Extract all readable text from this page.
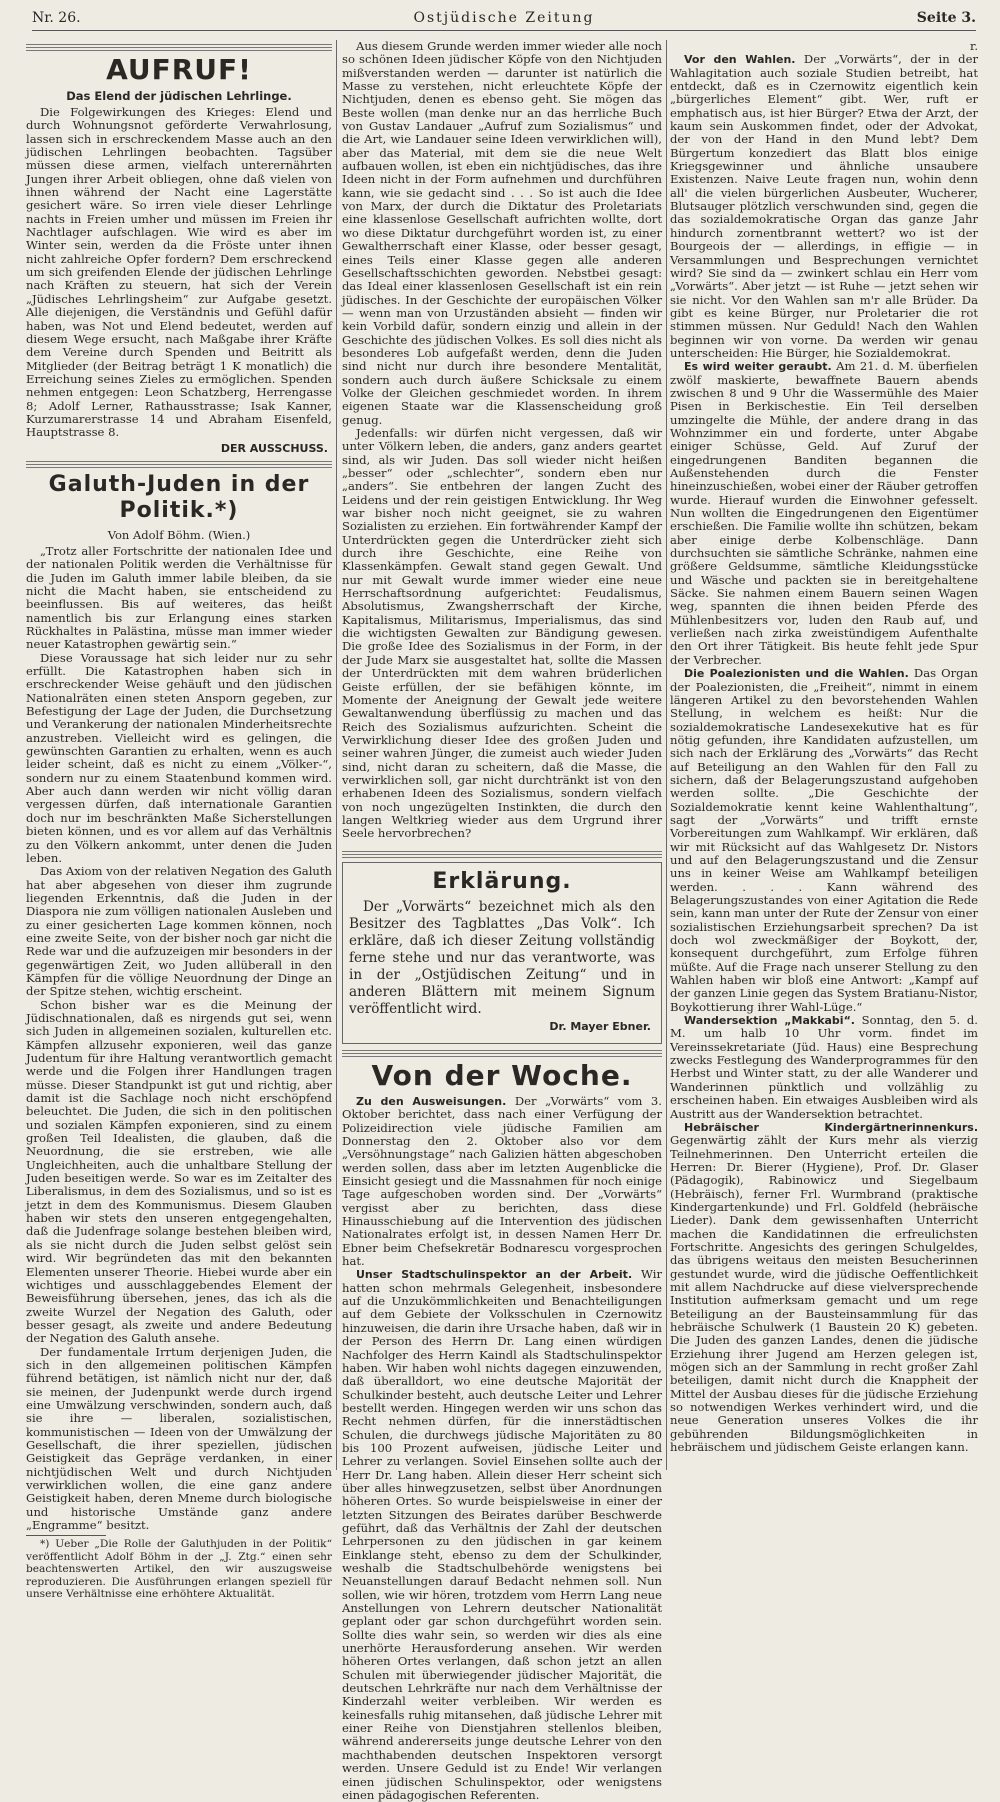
Nr. 26.	Ostjüdische Zeitung	Seite 3.
AUFRUF!
Das Elend der jüdischen Lehrlinge.

Die Folgewirkungen des Krieges: Elend und durch Wohnungsnot geförderte Verwahrlosung, lassen sich in erschreckendem Masse auch an den jüdischen Lehrlingen beobachten. Tagsüber müssen diese armen, vielfach unterernährten Jungen ihrer Arbeit obliegen, ohne daß vielen von ihnen während der Nacht eine Lagerstätte gesichert wäre. So irren viele dieser Lehrlinge nachts in Freien umher und müssen im Freien ihr Nachtlager aufschlagen. Wie wird es aber im Winter sein, werden da die Fröste unter ihnen nicht zahlreiche Opfer fordern? Dem erschreckend um sich greifenden Elende der jüdischen Lehrlinge nach Kräften zu steuern, hat sich der Verein „Jüdisches Lehrlingsheim“ zur Aufgabe gesetzt. Alle diejenigen, die Verständnis und Gefühl dafür haben, was Not und Elend bedeutet, werden auf diesem Wege ersucht, nach Maßgabe ihrer Kräfte dem Vereine durch Spenden und Beitritt als Mitglieder (der Beitrag beträgt 1 K monatlich) die Erreichung seines Zieles zu ermöglichen. Spenden nehmen entgegen: Leon Schatzberg, Herrengasse 8; Adolf Lerner, Rathausstrasse; Isak Kanner, Kurzumarerstrasse 14 und Abraham Eisenfeld, Hauptstrasse 8.

DER AUSSCHUSS.
Galuth-Juden in der Politik.*)
Von Adolf Böhm. (Wien.)

„Trotz aller Fortschritte der nationalen Idee und der nationalen Politik werden die Verhältnisse für die Juden im Galuth immer labile bleiben, da sie nicht die Macht haben, sie entscheidend zu beeinflussen. Bis auf weiteres, das heißt namentlich bis zur Erlangung eines starken Rückhaltes in Palästina, müsse man immer wieder neuer Katastrophen gewärtig sein.“

Diese Voraussage hat sich leider nur zu sehr erfüllt. Die Katastrophen haben sich in erschreckender Weise gehäuft und den jüdischen Nationalräten einen steten Ansporn gegeben, zur Befestigung der Lage der Juden, die Durchsetzung und Verankerung der nationalen Minderheitsrechte anzustreben. Vielleicht wird es gelingen, die gewünschten Garantien zu erhalten, wenn es auch leider scheint, daß es nicht zu einem „Völker-“, sondern nur zu einem Staatenbund kommen wird. Aber auch dann werden wir nicht völlig daran vergessen dürfen, daß internationale Garantien doch nur im beschränkten Maße Sicherstellungen bieten können, und es vor allem auf das Verhältnis zu den Völkern ankommt, unter denen die Juden leben.

Das Axiom von der relativen Negation des Galuth hat aber abgesehen von dieser ihm zugrunde liegenden Erkenntnis, daß die Juden in der Diaspora nie zum völligen nationalen Ausleben und zu einer gesicherten Lage kommen können, noch eine zweite Seite, von der bisher noch gar nicht die Rede war und die aufzuzeigen mir besonders in der gegenwärtigen Zeit, wo Juden allüberall in den Kämpfen für die völlige Neuordnung der Dinge an der Spitze stehen, wichtig erscheint.

Schon bisher war es die Meinung der Jüdischnationalen, daß es nirgends gut sei, wenn sich Juden in allgemeinen sozialen, kulturellen etc. Kämpfen allzusehr exponieren, weil das ganze Judentum für ihre Haltung verantwortlich gemacht werde und die Folgen ihrer Handlungen tragen müsse. Dieser Standpunkt ist gut und richtig, aber damit ist die Sachlage noch nicht erschöpfend beleuchtet. Die Juden, die sich in den politischen und sozialen Kämpfen exponieren, sind zu einem großen Teil Idealisten, die glauben, daß die Neuordnung, die sie erstreben, wie alle Ungleichheiten, auch die unhaltbare Stellung der Juden beseitigen werde. So war es im Zeitalter des Liberalismus, in dem des Sozialismus, und so ist es jetzt in dem des Kommunismus. Diesem Glauben haben wir stets den unseren entgegengehalten, daß die Judenfrage solange bestehen bleiben wird, als sie nicht durch die Juden selbst gelöst sein wird. Wir begründeten das mit den bekannten Elementen unserer Theorie. Hiebei wurde aber ein wichtiges und ausschlaggebendes Element der Beweisführung übersehen, jenes, das ich als die zweite Wurzel der Negation des Galuth, oder besser gesagt, als zweite und andere Bedeutung der Negation des Galuth ansehe.

Der fundamentale Irrtum derjenigen Juden, die sich in den allgemeinen politischen Kämpfen führend betätigen, ist nämlich nicht nur der, daß sie meinen, der Judenpunkt werde durch irgend eine Umwälzung verschwinden, sondern auch, daß sie ihre — liberalen, sozialistischen, kommunistischen — Ideen von der Umwälzung der Gesellschaft, die ihrer speziellen, jüdischen Geistigkeit das Gepräge verdanken, in einer nichtjüdischen Welt und durch Nichtjuden verwirklichen wollen, die eine ganz andere Geistigkeit haben, deren Mneme durch biologische und historische Umstände ganz andere „Engramme“ besitzt.

*) Ueber „Die Rolle der Galuthjuden in der Politik“ veröffentlicht Adolf Böhm in der „J. Ztg.“ einen sehr beachtenswerten Artikel, den wir auszugsweise reproduzieren. Die Ausführungen erlangen speziell für unsere Verhältnisse eine erhöhtere Aktualität.

Aus diesem Grunde werden immer wieder alle noch so schönen Ideen jüdischer Köpfe von den Nichtjuden mißverstanden werden — darunter ist natürlich die Masse zu verstehen, nicht erleuchtete Köpfe der Nichtjuden, denen es ebenso geht. Sie mögen das Beste wollen (man denke nur an das herrliche Buch von Gustav Landauer „Aufruf zum Sozialismus“ und die Art, wie Landauer seine Ideen verwirklichen will), aber das Material, mit dem sie die neue Welt aufbauen wollen, ist eben ein nichtjüdisches, das ihre Ideen nicht in der Form aufnehmen und durchführen kann, wie sie gedacht sind . . . So ist auch die Idee von Marx, der durch die Diktatur des Proletariats eine klassenlose Gesellschaft aufrichten wollte, dort wo diese Diktatur durchgeführt worden ist, zu einer Gewaltherrschaft einer Klasse, oder besser gesagt, eines Teils einer Klasse gegen alle anderen Gesellschaftsschichten geworden. Nebstbei gesagt: das Ideal einer klassenlosen Gesellschaft ist ein rein jüdisches. In der Geschichte der europäischen Völker — wenn man von Urzuständen absieht — finden wir kein Vorbild dafür, sondern einzig und allein in der Geschichte des jüdischen Volkes. Es soll dies nicht als besonderes Lob aufgefaßt werden, denn die Juden sind nicht nur durch ihre besondere Mentalität, sondern auch durch äußere Schicksale zu einem Volke der Gleichen geschmiedet worden. In ihrem eigenen Staate war die Klassenscheidung groß genug.

Jedenfalls: wir dürfen nicht vergessen, daß wir unter Völkern leben, die anders, ganz anders geartet sind, als wir Juden. Das soll wieder nicht heißen „besser“ oder „schlechter“, sondern eben nur „anders“. Sie entbehren der langen Zucht des Leidens und der rein geistigen Entwicklung. Ihr Weg war bisher noch nicht geeignet, sie zu wahren Sozialisten zu erziehen. Ein fortwährender Kampf der Unterdrückten gegen die Unterdrücker zieht sich durch ihre Geschichte, eine Reihe von Klassenkämpfen. Gewalt stand gegen Gewalt. Und nur mit Gewalt wurde immer wieder eine neue Herrschaftsordnung aufgerichtet: Feudalismus, Absolutismus, Zwangsherrschaft der Kirche, Kapitalismus, Militarismus, Imperialismus, das sind die wichtigsten Gewalten zur Bändigung gewesen. Die große Idee des Sozialismus in der Form, in der der Jude Marx sie ausgestaltet hat, sollte die Massen der Unterdrückten mit dem wahren brüderlichen Geiste erfüllen, der sie befähigen könnte, im Momente der Aneignung der Gewalt jede weitere Gewaltanwendung überflüssig zu machen und das Reich des Sozialismus aufzurichten. Scheint die Verwirklichung dieser Idee des großen Juden und seiner wahren Jünger, die zumeist auch wieder Juden sind, nicht daran zu scheitern, daß die Masse, die verwirklichen soll, gar nicht durchtränkt ist von den erhabenen Ideen des Sozialismus, sondern vielfach von noch ungezügelten Instinkten, die durch den langen Weltkrieg wieder aus dem Urgrund ihrer Seele hervorbrechen?

Erklärung.

Der „Vorwärts“ bezeichnet mich als den Besitzer des Tagblattes „Das Volk“. Ich erkläre, daß ich dieser Zeitung vollständig ferne stehe und nur das verantworte, was in der „Ostjüdischen Zeitung“ und in anderen Blättern mit meinem Signum veröffentlicht wird.

Dr. Mayer Ebner.
Von der Woche.

Zu den Ausweisungen. Der „Vorwärts“ vom 3. Oktober berichtet, dass nach einer Verfügung der Polizeidirection viele jüdische Familien am Donnerstag den 2. Oktober also vor dem „Versöhnungstage“ nach Galizien hätten abgeschoben werden sollen, dass aber im letzten Augenblicke die Einsicht gesiegt und die Massnahmen für noch einige Tage aufgeschoben worden sind. Der „Vorwärts“ vergisst aber zu berichten, dass diese Hinausschiebung auf die Intervention des jüdischen Nationalrates erfolgt ist, in dessen Namen Herr Dr. Ebner beim Chefsekretär Bodnarescu vorgesprochen hat.

Unser Stadtschulinspektor an der Arbeit. Wir hatten schon mehrmals Gelegenheit, insbesondere auf die Unzukömmlichkeiten und Benachteiligungen auf dem Gebiete der Volksschulen in Czernowitz hinzuweisen, die darin ihre Ursache haben, daß wir in der Person des Herrn Dr. Lang einen würdigen Nachfolger des Herrn Kaindl als Stadtschulinspektor haben. Wir haben wohl nichts dagegen einzuwenden, daß überalldort, wo eine deutsche Majorität der Schulkinder besteht, auch deutsche Leiter und Lehrer bestellt werden. Hingegen werden wir uns schon das Recht nehmen dürfen, für die innerstädtischen Schulen, die durchwegs jüdische Majoritäten zu 80 bis 100 Prozent aufweisen, jüdische Leiter und Lehrer zu verlangen. Soviel Einsehen sollte auch der Herr Dr. Lang haben. Allein dieser Herr scheint sich über alles hinwegzusetzen, selbst über Anordnungen höheren Ortes. So wurde beispielsweise in einer der letzten Sitzungen des Beirates darüber Beschwerde geführt, daß das Verhältnis der Zahl der deutschen Lehrpersonen zu den jüdischen in gar keinem Einklange steht, ebenso zu dem der Schulkinder, weshalb die Stadtschulbehörde wenigstens bei Neuanstellungen darauf Bedacht nehmen soll. Nun sollen, wie wir hören, trotzdem vom Herrn Lang neue Anstellungen von Lehrern deutscher Nationalität geplant oder gar schon durchgeführt worden sein. Sollte dies wahr sein, so werden wir dies als eine unerhörte Herausforderung ansehen. Wir werden höheren Ortes verlangen, daß schon jetzt an allen Schulen mit überwiegender jüdischer Majorität, die deutschen Lehrkräfte nur nach dem Verhältnisse der Kinderzahl weiter verbleiben. Wir werden es keinesfalls ruhig mitansehen, daß jüdische Lehrer mit einer Reihe von Dienstjahren stellenlos bleiben, während andererseits junge deutsche Lehrer von den machthabenden deutschen Inspektoren versorgt werden. Unsere Geduld ist zu Ende! Wir verlangen einen jüdischen Schulinspektor, oder wenigstens einen pädagogischen Referenten.

r.

Vor den Wahlen. Der „Vorwärts“, der in der Wahlagitation auch soziale Studien betreibt, hat entdeckt, daß es in Czernowitz eigentlich kein „bürgerliches Element“ gibt. Wer, ruft er emphatisch aus, ist hier Bürger? Etwa der Arzt, der kaum sein Auskommen findet, oder der Advokat, der von der Hand in den Mund lebt? Dem Bürgertum konzediert das Blatt blos einige Kriegsgewinner und ähnliche unsaubere Existenzen. Naive Leute fragen nun, wohin denn all' die vielen bürgerlichen Ausbeuter, Wucherer, Blutsauger plötzlich verschwunden sind, gegen die das sozialdemokratische Organ das ganze Jahr hindurch zornentbrannt wettert? wo ist der Bourgeois der — allerdings, in effigie — in Versammlungen und Besprechungen vernichtet wird? Sie sind da — zwinkert schlau ein Herr vom „Vorwärts“. Aber jetzt — ist Ruhe — jetzt sehen wir sie nicht. Vor den Wahlen san m'r alle Brüder. Da gibt es keine Bürger, nur Proletarier die rot stimmen müssen. Nur Geduld! Nach den Wahlen beginnen wir von vorne. Da werden wir genau unterscheiden: Hie Bürger, hie Sozialdemokrat.

Es wird weiter geraubt. Am 21. d. M. überfielen zwölf maskierte, bewaffnete Bauern abends zwischen 8 und 9 Uhr die Wassermühle des Maier Pisen in Berkischestie. Ein Teil derselben umzingelte die Mühle, der andere drang in das Wohnzimmer ein und forderte, unter Abgabe einiger Schüsse, Geld. Auf Zuruf der eingedrungenen Banditen begannen die Außenstehenden durch die Fenster hineinzuschießen, wobei einer der Räuber getroffen wurde. Hierauf wurden die Einwohner gefesselt. Nun wollten die Eingedrungenen den Eigentümer erschießen. Die Familie wollte ihn schützen, bekam aber einige derbe Kolbenschläge. Dann durchsuchten sie sämtliche Schränke, nahmen eine größere Geldsumme, sämtliche Kleidungsstücke und Wäsche und packten sie in bereitgehaltene Säcke. Sie nahmen einem Bauern seinen Wagen weg, spannten die ihnen beiden Pferde des Mühlenbesitzers vor, luden den Raub auf, und verließen nach zirka zweistündigem Aufenthalte den Ort ihrer Tätigkeit. Bis heute fehlt jede Spur der Verbrecher.

Die Poalezionisten und die Wahlen. Das Organ der Poalezionisten, die „Freiheit“, nimmt in einem längeren Artikel zu den bevorstehenden Wahlen Stellung, in welchem es heißt: Nur die sozialdemokratische Landesexekutive hat es für nötig gefunden, ihre Kandidaten aufzustellen, um sich nach der Erklärung des „Vorwärts“ das Recht auf Beteiligung an den Wahlen für den Fall zu sichern, daß der Belagerungszustand aufgehoben werden sollte. „Die Geschichte der Sozialdemokratie kennt keine Wahlenthaltung“, sagt der „Vorwärts“ und trifft ernste Vorbereitungen zum Wahlkampf. Wir erklären, daß wir mit Rücksicht auf das Wahlgesetz Dr. Nistors und auf den Belagerungszustand und die Zensur uns in keiner Weise am Wahlkampf beteiligen werden. . . . Kann während des Belagerungszustandes von einer Agitation die Rede sein, kann man unter der Rute der Zensur von einer sozialistischen Erziehungsarbeit sprechen? Da ist doch wol zweckmäßiger der Boykott, der, konsequent durchgeführt, zum Erfolge führen müßte. Auf die Frage nach unserer Stellung zu den Wahlen haben wir bloß eine Antwort: „Kampf auf der ganzen Linie gegen das System Bratianu-Nistor, Boykottierung ihrer Wahl-Lüge.“

Wandersektion „Makkabi“. Sonntag, den 5. d. M. um halb 10 Uhr vorm. findet im Vereinssekretariate (Jüd. Haus) eine Besprechung zwecks Festlegung des Wanderprogrammes für den Herbst und Winter statt, zu der alle Wanderer und Wanderinnen pünktlich und vollzählig zu erscheinen haben. Ein etwaiges Ausbleiben wird als Austritt aus der Wandersektion betrachtet.

Hebräischer Kindergärtnerinnenkurs. Gegenwärtig zählt der Kurs mehr als vierzig Teilnehmerinnen. Den Unterricht erteilen die Herren: Dr. Bierer (Hygiene), Prof. Dr. Glaser (Pädagogik), Rabinowicz und Siegelbaum (Hebräisch), ferner Frl. Wurmbrand (praktische Kindergartenkunde) und Frl. Goldfeld (hebräische Lieder). Dank dem gewissenhaften Unterricht machen die Kandidatinnen die erfreulichsten Fortschritte. Angesichts des geringen Schulgeldes, das übrigens weitaus den meisten Besucherinnen gestundet wurde, wird die jüdische Oeffentlichkeit mit allem Nachdrucke auf diese vielversprechende Institution aufmerksam gemacht und um rege Beteiligung an der Bausteinsammlung für das hebräische Schulwerk (1 Baustein 20 K) gebeten. Die Juden des ganzen Landes, denen die jüdische Erziehung ihrer Jugend am Herzen gelegen ist, mögen sich an der Sammlung in recht großer Zahl beteiligen, damit nicht durch die Knappheit der Mittel der Ausbau dieses für die jüdische Erziehung so notwendigen Werkes verhindert wird, und die neue Generation unseres Volkes die ihr gebührenden Bildungsmöglichkeiten in hebräischem und jüdischem Geiste erlangen kann.
